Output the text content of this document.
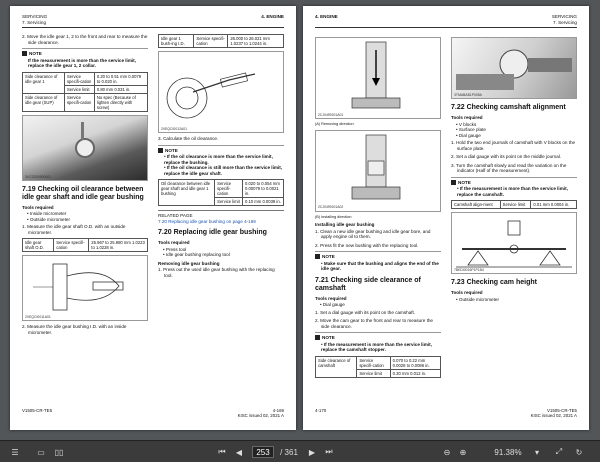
SERVICING
7. Servicing
4. ENGINE
2. Move the idle gear 1, 2 to the front and rear to measure the side clearance.
NOTE
If the measurement is more than the service limit, replace the idle gear 1, 2 collar.
Side clearance of idle gear 1	Service specifi-cation	0.20 to 0.51 mm 0.0079 to 0.020 in.
	Service limit	0.80 mm 0.031 in.
Side clearance of idle gear (SUP)	Service specifi-cation	No spec (Because of lighten directly with screw)
3VCD300900401
7.19 Checking oil clearance between idle gear shaft and idle gear bushing
Tools required
• Inside micrometer
• Outside micrometer
1. Measure the idle gear shaft O.D. with an outside micrometer.
Idle gear shaft O.D.	Service specifi-cation	25.967 to 25.980 mm 1.0223 to 1.0228 in.
2VEQCI0011A01
2. Measure the idle gear bushing I.D. with an inside micrometer.
Idle gear 1 bush-ing I.D.	Service specifi-cation	26.000 to 26.021 mm 1.0237 to 1.0244 in.
2VEQCI0012A01
3. Calculate the oil clearance.
NOTE
• If the oil clearance is more than the service limit, replace the bushing.
• If the oil clearance is still more than the service limit, replace the idle gear shaft.
Oil clearance between idle gear shaft and idle gear 1 bushing	Service specifi-cation	0.020 to 0.054 mm 0.00079 to 0.0021 in.
	Service limit	0.10 mm 0.0039 in.
RELATED PAGE
7.20 Replacing idle gear bushing on page 4-169
7.20 Replacing idle gear bushing
Tools required
• Press tool
• Idle gear bushing replacing tool
Removing idle gear bushing
1. Press out the used idle gear bushing with the replacing tool.
V1505-CR-TE5	4-169
KISC issued 02, 2021 A
4. ENGINE	SERVICING
7. Servicing
2CJ0499201A01
(A) Removing direction
2CJ0499201A02
(B) Installing direction
Installing idle gear bushing
1. Clean a new idle gear bushing and idle gear bore, and apply engine oil to them.
2. Press fit the new bushing with the replacing tool.
NOTE
• Make sure that the bushing and aligns the end of the idle gear.
7.21 Checking side clearance of camshaft
Tools required
• Dial gauge
1. Set a dial gauge with its point on the camshaft.
2. Move the cam gear to the front and rear to measure the side clearance.
NOTE
• If the measurement is more than the service limit, replace the camshaft stopper.
Side clearance of camshaft	Service specifi-cation	0.070 to 0.22 mm 0.0028 to 0.0086 in.
	Service limit	0.30 mm 0.012 in.
3TMABAB1P005A
7.22 Checking camshaft alignment
Tools required
• V blocks
• Surface plate
• Dial gauge
1. Hold the two end journals of camshaft with V blocks on the surface plate.
2. Set a dial gauge with its point on the middle journal.
3. Turn the camshaft slowly and read the variation on the indicator (Half of the measurement).
NOTE
• If the measurement is more than the service limit, replace the camshaft.
Camshaft align-ment	Service limit	0.01 mm 0.0004 in.
7BEDI0016P1P1B4
7.23 Checking cam height
Tools required
• Outside micrometer
4-170	V1505-CR-TE5
KISC issued 02, 2021 A
☰	▭	▯▯	⏮	◀	253	/ 361	▶	⏭	⊖	⊕	91.38%	▾	⤢	↻
